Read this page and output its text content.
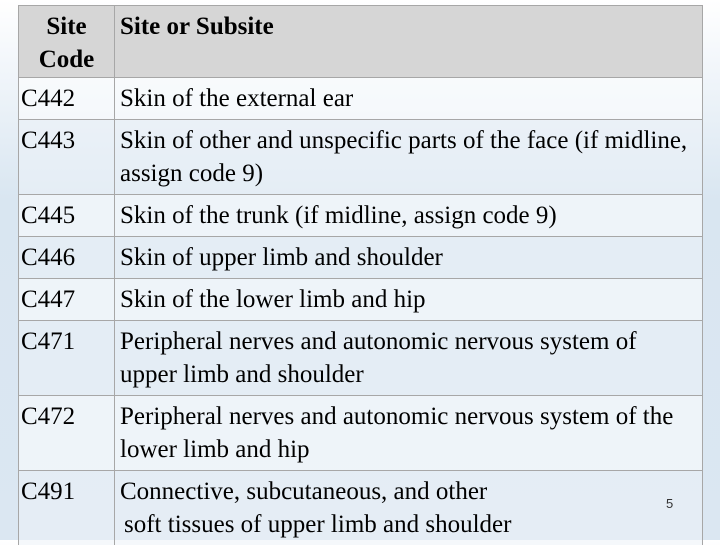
Site
Code	Site or Subsite
C442	Skin of the external ear
C443	Skin of other and unspecific parts of the face (if midline, assign code 9)
C445	Skin of the trunk (if midline, assign code 9)
C446	Skin of upper limb and shoulder
C447	Skin of the lower limb and hip
C471	Peripheral nerves and autonomic nervous system of upper limb and shoulder
C472	Peripheral nerves and autonomic nervous system of the lower limb and hip
C491	Connective, subcutaneous, and other
soft tissues of upper limb and shoulder
5
